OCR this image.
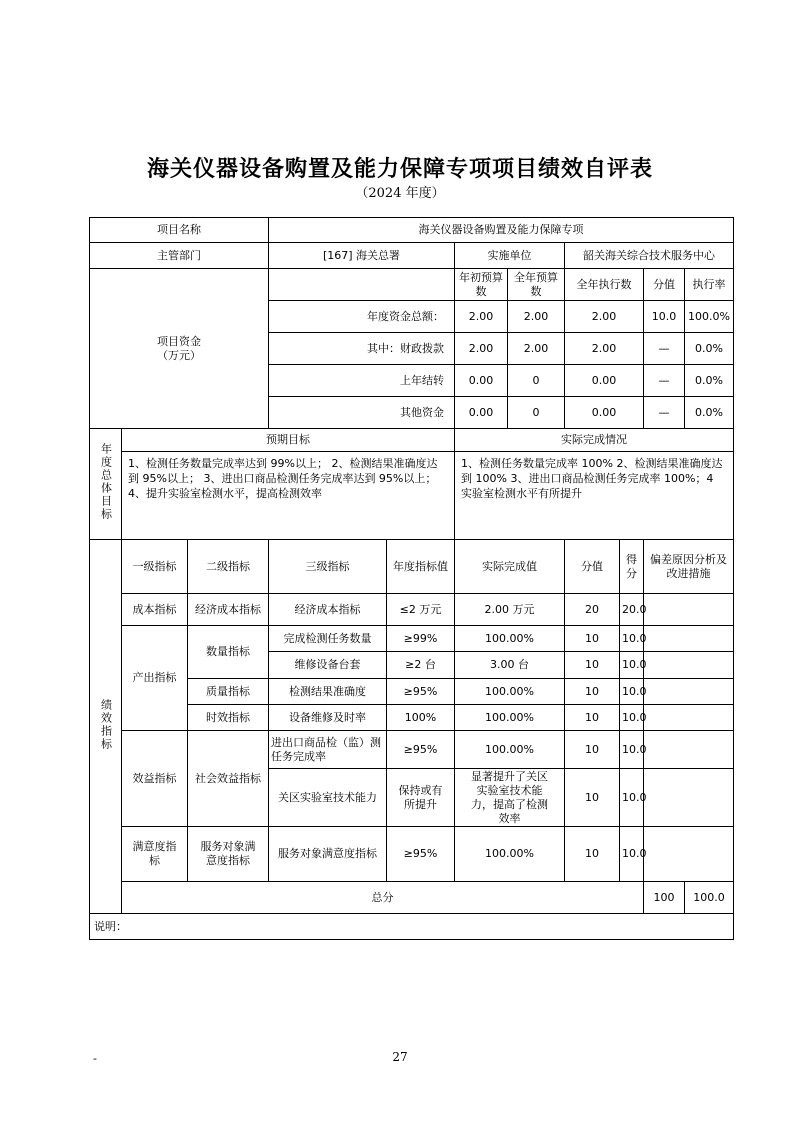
海关仪器设备购置及能力保障专项项目绩效自评表
（2024 年度）
项目名称			海关仪器设备购置及能力保障专项								
主管部门			[167] 海关总署		实施单位		韶关海关综合技术服务中心				
项目资金（万元）					年初预算数	全年预算数	全年执行数		分值	执行率	
			年度资金总额：		2.00	2.00	2.00		10.0	100.0%	
			其中：财政拨款		2.00	2.00	2.00		—	0.0%	
			上年结转		0.00	0	0.00		—	0.0%	
			其他资金		0.00	0	0.00		—	0.0%	
年度总体目标	预期目标				实际完成情况						
	1、检测任务数量完成率达到 99%以上； 2、检测结果准确度达到 95%以上； 3、进出口商品检测任务完成率达到 95%以上； 4、提升实验室检测水平，提高检测效率				1、检测任务数量完成率 100% 2、检测结果准确度达到 100% 3、进出口商品检测任务完成率 100%；4 实验室检测水平有所提升						
绩效指标	一级指标	二级指标	三级指标	年度指标值	实际完成值		分值	得分	偏差原因分析及改进措施		
	成本指标	经济成本指标	经济成本指标	≤2 万元	2.00 万元		20	20.0			
	产出指标	数量指标	完成检测任务数量	≥99%	100.00%		10	10.0			
			维修设备台套	≥2 台	3.00 台		10	10.0			
		质量指标	检测结果准确度	≥95%	100.00%		10	10.0			
		时效指标	设备维修及时率	100%	100.00%		10	10.0			
	效益指标	社会效益指标	进出口商品检（监）测任务完成率	≥95%	100.00%		10	10.0			
			关区实验室技术能力	保持或有所提升	显著提升了关区实验室技术能力，提高了检测效率		10	10.0			
	满意度指标	服务对象满意度指标	服务对象满意度指标	≥95%	100.00%		10	10.0			
	总分								100	100.0	
说明：											
-	27
